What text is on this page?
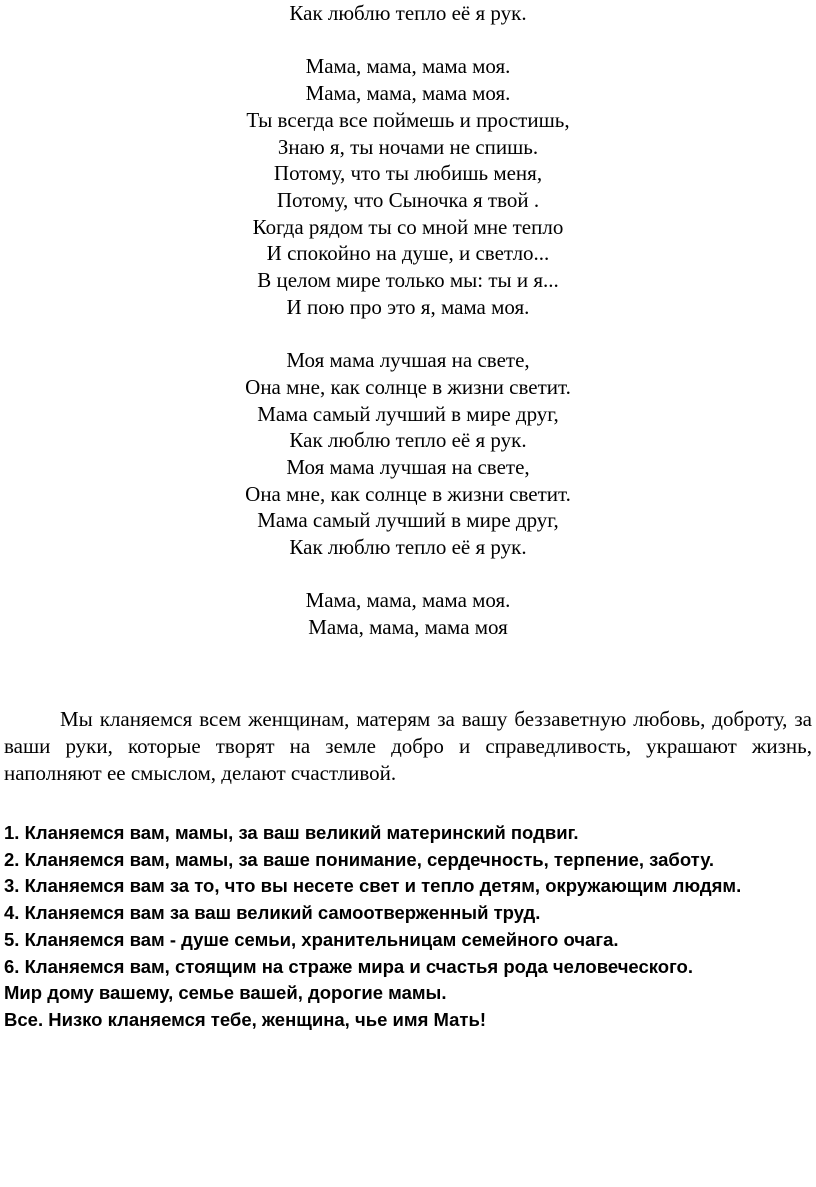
Как люблю тепло её я рук.
Мама, мама, мама моя.
Мама, мама, мама моя.
Ты всегда все поймешь и простишь,
Знаю я, ты ночами не спишь.
Потому, что ты любишь меня,
Потому, что Сыночка я твой .
Когда рядом ты со мной мне тепло
И спокойно на душе, и светло...
В целом мире только мы: ты и я...
И пою про это я, мама моя.
Моя мама лучшая на свете,
Она мне, как солнце в жизни светит.
Мама самый лучший в мире друг,
Как люблю тепло её я рук.
Моя мама лучшая на свете,
Она мне, как солнце в жизни светит.
Мама самый лучший в мире друг,
Как люблю тепло её я рук.
Мама, мама, мама моя.
Мама, мама, мама моя

Мы кланяемся всем женщинам, матерям за вашу беззаветную любовь, доброту, за ваши руки, которые творят на земле добро и справедливость, украшают жизнь, наполняют ее смыслом, делают счастливой.

1. Кланяемся вам, мамы, за ваш великий материнский подвиг.
2. Кланяемся вам, мамы, за ваше понимание, сердечность, терпение, заботу.
3. Кланяемся вам за то, что вы несете свет и тепло детям, окружающим людям.
4. Кланяемся вам за ваш великий самоотверженный труд.
5. Кланяемся вам - душе семьи, хранительницам семейного очага.
6. Кланяемся вам, стоящим на страже мира и счастья рода человеческого.
Мир дому вашему, семье вашей, дорогие мамы.
Все. Низко кланяемся тебе, женщина, чье имя Мать!
